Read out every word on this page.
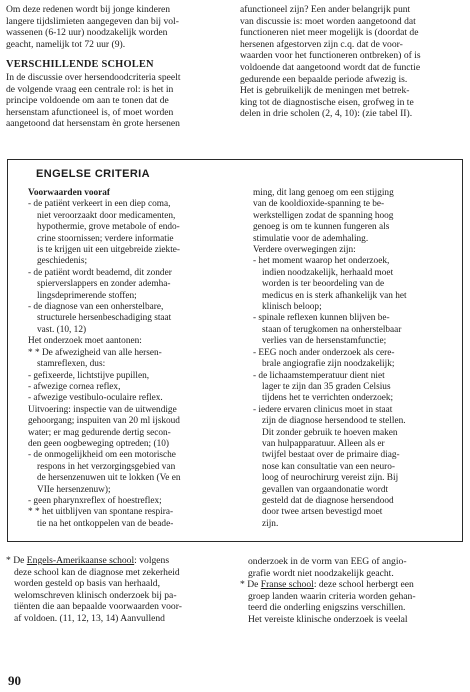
Om deze redenen wordt bij jonge kinderen
langere tijdslimieten aangegeven dan bij vol-
wassenen (6-12 uur) noodzakelijk worden
geacht, namelijk tot 72 uur (9).
VERSCHILLENDE SCHOLEN
In de discussie over hersendoodcriteria speelt
de volgende vraag een centrale rol: is het in
principe voldoende om aan te tonen dat de
hersenstam afunctioneel is, of moet worden
aangetoond dat hersenstam èn grote hersenen
afunctioneel zijn? Een ander belangrijk punt
van discussie is: moet worden aangetoond dat
functioneren niet meer mogelijk is (doordat de
hersenen afgestorven zijn c.q. dat de voor-
waarden voor het functioneren ontbreken) of is
voldoende dat aangetoond wordt dat de functie
gedurende een bepaalde periode afwezig is.
Het is gebruikelijk de meningen met betrek-
king tot de diagnostische eisen, grofweg in te
delen in drie scholen (2, 4, 10): (zie tabel II).
ENGELSE CRITERIA
Voorwaarden vooraf
- de patiënt verkeert in een diep coma,
niet veroorzaakt door medicamenten,
hypothermie, grove metabole of endo-
crine stoornissen; verdere informatie
is te krijgen uit een uitgebreide ziekte-
geschiedenis;
- de patiënt wordt beademd, dit zonder
spierverslappers en zonder ademha-
lingsdeprimerende stoffen;
- de diagnose van een onherstelbare,
structurele hersenbeschadiging staat
vast. (10, 12)
Het onderzoek moet aantonen:
* * De afwezigheid van alle hersen-
stamreflexen, dus:
- gefixeerde, lichtstijve pupillen,
- afwezige cornea reflex,
- afwezige vestibulo-oculaire reflex.
Uitvoering: inspectie van de uitwendige
gehoorgang; inspuiten van 20 ml ijskoud
water; er mag gedurende dertig secon-
den geen oogbeweging optreden; (10)
- de onmogelijkheid om een motorische
respons in het verzorgingsgebied van
de hersenzenuwen uit te lokken (Ve en
VIIe hersenzenuw);
- geen pharynxreflex of hoestreflex;
* * het uitblijven van spontane respira-
tie na het ontkoppelen van de beade-
ming, dit lang genoeg om een stijging
van de kooldioxide-spanning te be-
werkstelligen zodat de spanning hoog
genoeg is om te kunnen fungeren als
stimulatie voor de ademhaling.
Verdere overwegingen zijn:
- het moment waarop het onderzoek,
indien noodzakelijk, herhaald moet
worden is ter beoordeling van de
medicus en is sterk afhankelijk van het
klinisch beloop;
- spinale reflexen kunnen blijven be-
staan of terugkomen na onherstelbaar
verlies van de hersenstamfunctie;
- EEG noch ander onderzoek als cere-
brale angiografie zijn noodzakelijk;
- de lichaamstemperatuur dient niet
lager te zijn dan 35 graden Celsius
tijdens het te verrichten onderzoek;
- iedere ervaren clinicus moet in staat
zijn de diagnose hersendood te stellen.
Dit zonder gebruik te hoeven maken
van hulpapparatuur. Alleen als er
twijfel bestaat over de primaire diag-
nose kan consultatie van een neuro-
loog of neurochirurg vereist zijn. Bij
gevallen van orgaandonatie wordt
gesteld dat de diagnose hersendood
door twee artsen bevestigd moet
zijn.
* De Engels-Amerikaanse school: volgens
deze school kan de diagnose met zekerheid
worden gesteld op basis van herhaald,
welomschreven klinisch onderzoek bij pa-
tiënten die aan bepaalde voorwaarden voor-
af voldoen. (11, 12, 13, 14) Aanvullend
onderzoek in de vorm van EEG of angio-
grafie wordt niet noodzakelijk geacht.
* De Franse school: deze school herbergt een
groep landen waarin criteria worden gehan-
teerd die onderling enigszins verschillen.
Het vereiste klinische onderzoek is veelal
90
